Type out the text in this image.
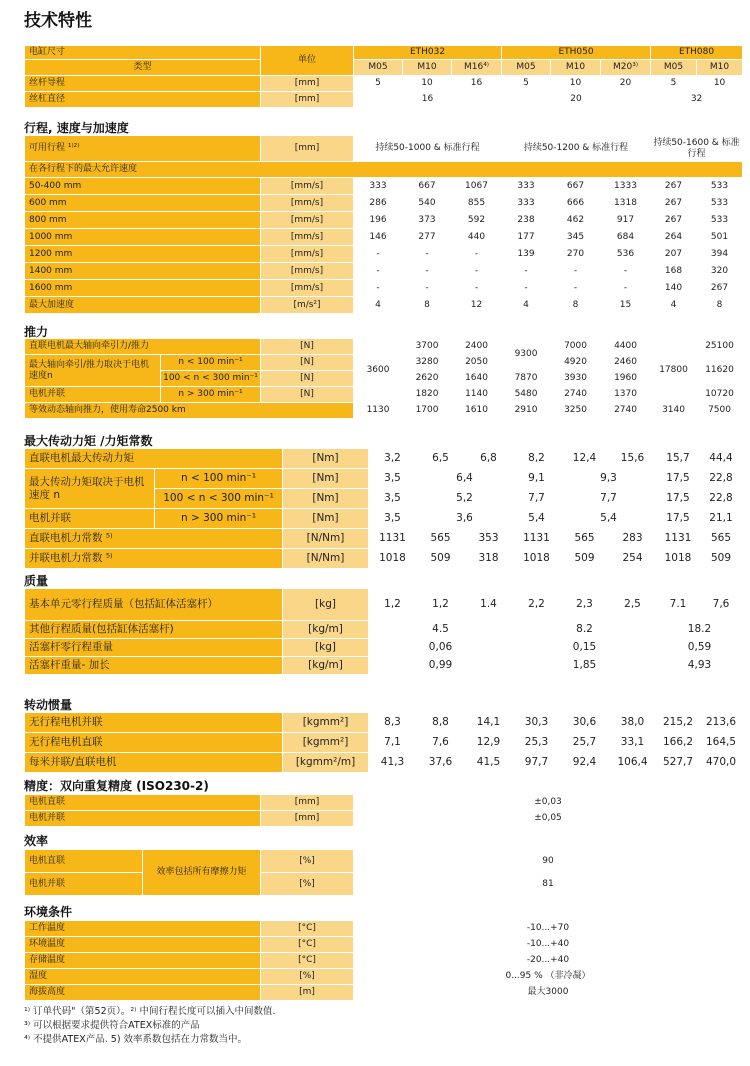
技术特性
电缸尺寸	单位	ETH032			ETH050			ETH080	
类型		M05	M10	M16⁴⁾	M05	M10	M20³⁾	M05	M10
丝杆导程	[mm]	5	10	16	5	10	20	5	10
丝杠直径	[mm]	16			20			32	
行程, 速度与加速度
可用行程 ¹⁾²⁾	[mm]	持续50-1000 & 标准行程			持续50-1200 & 标准行程			持续50-1600 & 标准行程	
在各行程下的最大允许速度									
50-400 mm	[mm/s]	333	667	1067	333	667	1333	267	533
600 mm	[mm/s]	286	540	855	333	666	1318	267	533
800 mm	[mm/s]	196	373	592	238	462	917	267	533
1000 mm	[mm/s]	146	277	440	177	345	684	264	501
1200 mm	[mm/s]	-	-	-	139	270	536	207	394
1400 mm	[mm/s]	-	-	-	-	-	-	168	320
1600 mm	[mm/s]	-	-	-	-	-	-	140	267
最大加速度	[m/s²]	4	8	12	4	8	15	4	8
推力
直联电机最大轴向牵引力/推力		[N]	3600	3700	2400	9300	7000	4400	17800	25100
最大轴向牵引/推力取决于电机速度n	n < 100 min⁻¹	[N]		3280	2050		4920	2460		11620
	100 < n < 300 min⁻¹	[N]		2620	1640	7870	3930	1960		
电机并联	n > 300 min⁻¹	[N]		1820	1140	5480	2740	1370		10720
等效动态轴向推力，使用寿命2500 km			1130	1700	1610	2910	3250	2740	3140	7500
最大传动力矩 /力矩常数
直联电机最大传动力矩		[Nm]	3,2	6,5	6,8	8,2	12,4	15,6	15,7	44,4
最大传动力矩取决于电机速度 n	n < 100 min⁻¹	[Nm]	3,5	6,4		9,1	9,3		17,5	22,8
	100 < n < 300 min⁻¹	[Nm]	3,5	5,2		7,7	7,7		17,5	22,8
电机并联	n > 300 min⁻¹	[Nm]	3,5	3,6		5,4	5,4		17,5	21,1
直联电机力常数 ⁵⁾		[N/Nm]	1131	565	353	1131	565	283	1131	565
并联电机力常数 ⁵⁾		[N/Nm]	1018	509	318	1018	509	254	1018	509
质量
基本单元零行程质量（包括缸体活塞杆）	[kg]	1,2	1,2	1.4	2,2	2,3	2,5	7.1	7,6
其他行程质量(包括缸体活塞杆)	[kg/m]	4.5			8.2			18.2	
活塞杆零行程重量	[kg]	0,06			0,15			0,59	
活塞杆重量- 加长	[kg/m]	0,99			1,85			4,93	
转动惯量
无行程电机并联	[kgmm²]	8,3	8,8	14,1	30,3	30,6	38,0	215,2	213,6
无行程电机直联	[kgmm²]	7,1	7,6	12,9	25,3	25,7	33,1	166,2	164,5
每米并联/直联电机	[kgmm²/m]	41,3	37,6	41,5	97,7	92,4	106,4	527,7	470,0
精度：双向重复精度 (ISO230-2)
电机直联	[mm]	±0,03
电机并联	[mm]	±0,05
效率
电机直联	效率包括所有摩擦力矩	[%]	90
电机并联		[%]	81
环境条件
工作温度	[°C]	-10...+70
环境温度	[°C]	-10...+40
存储温度	[°C]	-20...+40
湿度	[%]	0...95 % （非冷凝）
海拔高度	[m]	最大3000
¹⁾ 订单代码"（第52页）。²⁾ 中间行程长度可以插入中间数值.
³⁾ 可以根据要求提供符合ATEX标准的产品
⁴⁾ 不提供ATEX产品. 5) 效率系数包括在力常数当中。
